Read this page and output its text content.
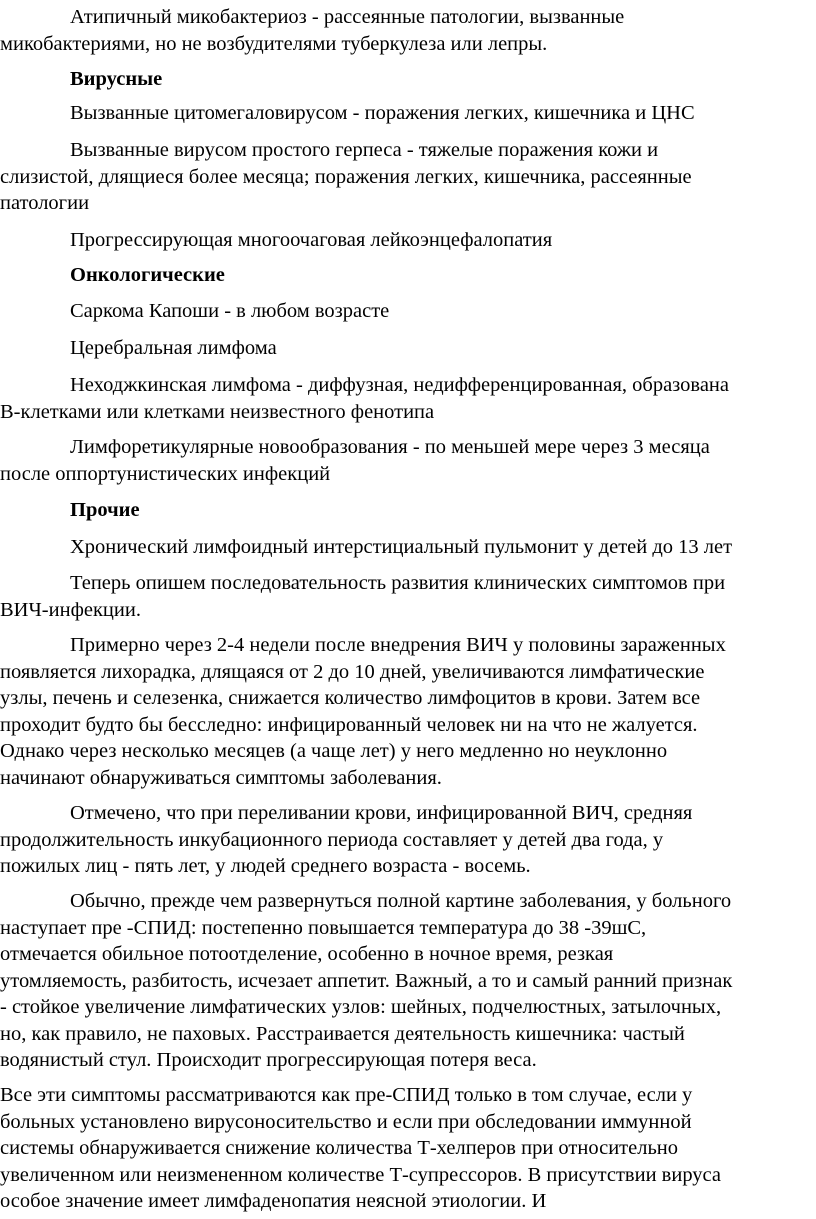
Атипичный микобактериоз - рассеянные патологии, вызванные
микобактериями, но не возбудителями туберкулеза или лепры.
Вирусные
Вызванные цитомегаловирусом - поражения легких, кишечника и ЦНС
Вызванные вирусом простого герпеса - тяжелые поражения кожи и
слизистой, длящиеся более месяца; поражения легких, кишечника, рассеянные
патологии
Прогрессирующая многоочаговая лейкоэнцефалопатия
Онкологические
Саркома Капоши - в любом возрасте
Церебральная лимфома
Неходжкинская лимфома - диффузная, недифференцированная, образована
В-клетками или клетками неизвестного фенотипа
Лимфоретикулярные новообразования - по меньшей мере через 3 месяца
после оппортунистических инфекций
Прочие
Хронический лимфоидный интерстициальный пульмонит у детей до 13 лет
Теперь опишем последовательность развития клинических симптомов при
ВИЧ-инфекции.
Примерно через 2-4 недели после внедрения ВИЧ у половины зараженных
появляется лихорадка, длящаяся от 2 до 10 дней, увеличиваются лимфатические
узлы, печень и селезенка, снижается количество лимфоцитов в крови. Затем все
проходит будто бы бесследно: инфицированный человек ни на что не жалуется.
Однако через несколько месяцев (а чаще лет) у него медленно но неуклонно
начинают обнаруживаться симптомы заболевания.
Отмечено, что при переливании крови, инфицированной ВИЧ, средняя
продолжительность инкубационного периода составляет у детей два года, у
пожилых лиц - пять лет, у людей среднего возраста - восемь.
Обычно, прежде чем развернуться полной картине заболевания, у больного
наступает пре -СПИД: постепенно повышается температура до 38 -39шС,
отмечается обильное потоотделение, особенно в ночное время, резкая
утомляемость, разбитость, исчезает аппетит. Важный, а то и самый ранний признак
- стойкое увеличение лимфатических узлов: шейных, подчелюстных, затылочных,
но, как правило, не паховых. Расстраивается деятельность кишечника: частый
водянистый стул. Происходит прогрессирующая потеря веса.
Все эти симптомы рассматриваются как пре-СПИД только в том случае, если у
больных установлено вирусоносительство и если при обследовании иммунной
системы обнаруживается снижение количества Т-хелперов при относительно
увеличенном или неизмененном количестве Т-супрессоров. В присутствии вируса
особое значение имеет лимфаденопатия неясной этиологии. И
